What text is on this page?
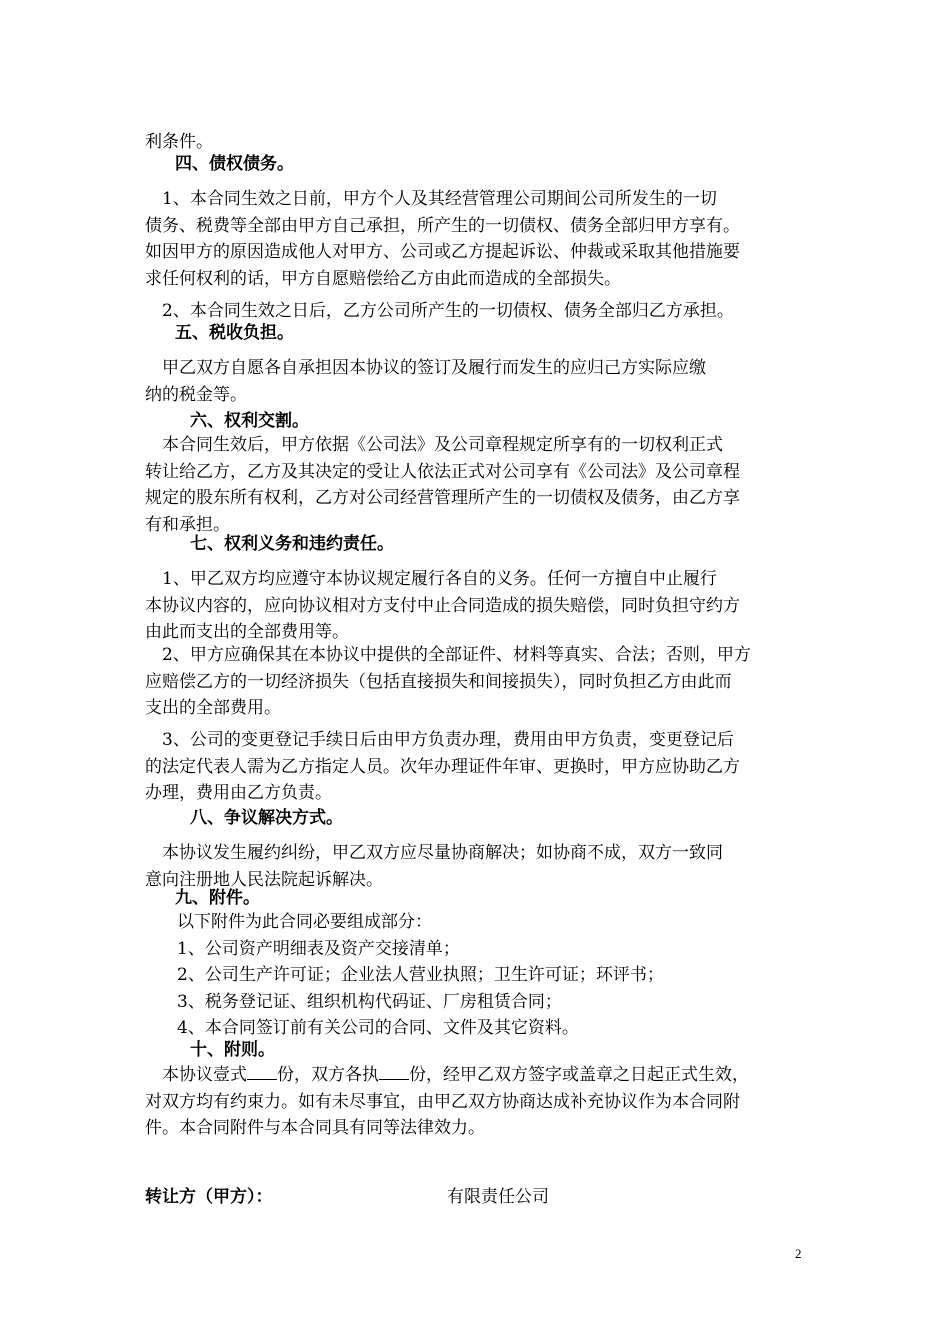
利条件。
四、债权债务。
　1、本合同生效之日前，甲方个人及其经营管理公司期间公司所发生的一切
债务、税费等全部由甲方自己承担，所产生的一切债权、债务全部归甲方享有。
如因甲方的原因造成他人对甲方、公司或乙方提起诉讼、仲裁或采取其他措施要
求任何权利的话，甲方自愿赔偿给乙方由此而造成的全部损失。
　2、本合同生效之日后，乙方公司所产生的一切债权、债务全部归乙方承担。
五、税收负担。
　甲乙双方自愿各自承担因本协议的签订及履行而发生的应归己方实际应缴
纳的税金等。
六、权利交割。
　本合同生效后，甲方依据《公司法》及公司章程规定所享有的一切权利正式
转让给乙方，乙方及其决定的受让人依法正式对公司享有《公司法》及公司章程
规定的股东所有权利，乙方对公司经营管理所产生的一切债权及债务，由乙方享
有和承担。
七、权利义务和违约责任。
　1、甲乙双方均应遵守本协议规定履行各自的义务。任何一方擅自中止履行
本协议内容的，应向协议相对方支付中止合同造成的损失赔偿，同时负担守约方
由此而支出的全部费用等。
　2、甲方应确保其在本协议中提供的全部证件、材料等真实、合法；否则，甲方
应赔偿乙方的一切经济损失（包括直接损失和间接损失），同时负担乙方由此而
支出的全部费用。
　3、公司的变更登记手续日后由甲方负责办理，费用由甲方负责，变更登记后
的法定代表人需为乙方指定人员。次年办理证件年审、更换时，甲方应协助乙方
办理，费用由乙方负责。
八、争议解决方式。
　本协议发生履约纠纷，甲乙双方应尽量协商解决；如协商不成，双方一致同
意向注册地人民法院起诉解决。
九、附件。
　以下附件为此合同必要组成部分：
　1、公司资产明细表及资产交接清单；
　2、公司生产许可证；企业法人营业执照；卫生许可证；环评书；
　3、税务登记证、组织机构代码证、厂房租赁合同；
　4、本合同签订前有关公司的合同、文件及其它资料。
十、附则。
　本协议壹式 份，双方各执 份，经甲乙双方签字或盖章之日起正式生效，
对双方均有约束力。如有未尽事宜，由甲乙双方协商达成补充协议作为本合同附
件。本合同附件与本合同具有同等法律效力。
转让方（甲方）：	有限责任公司
2
